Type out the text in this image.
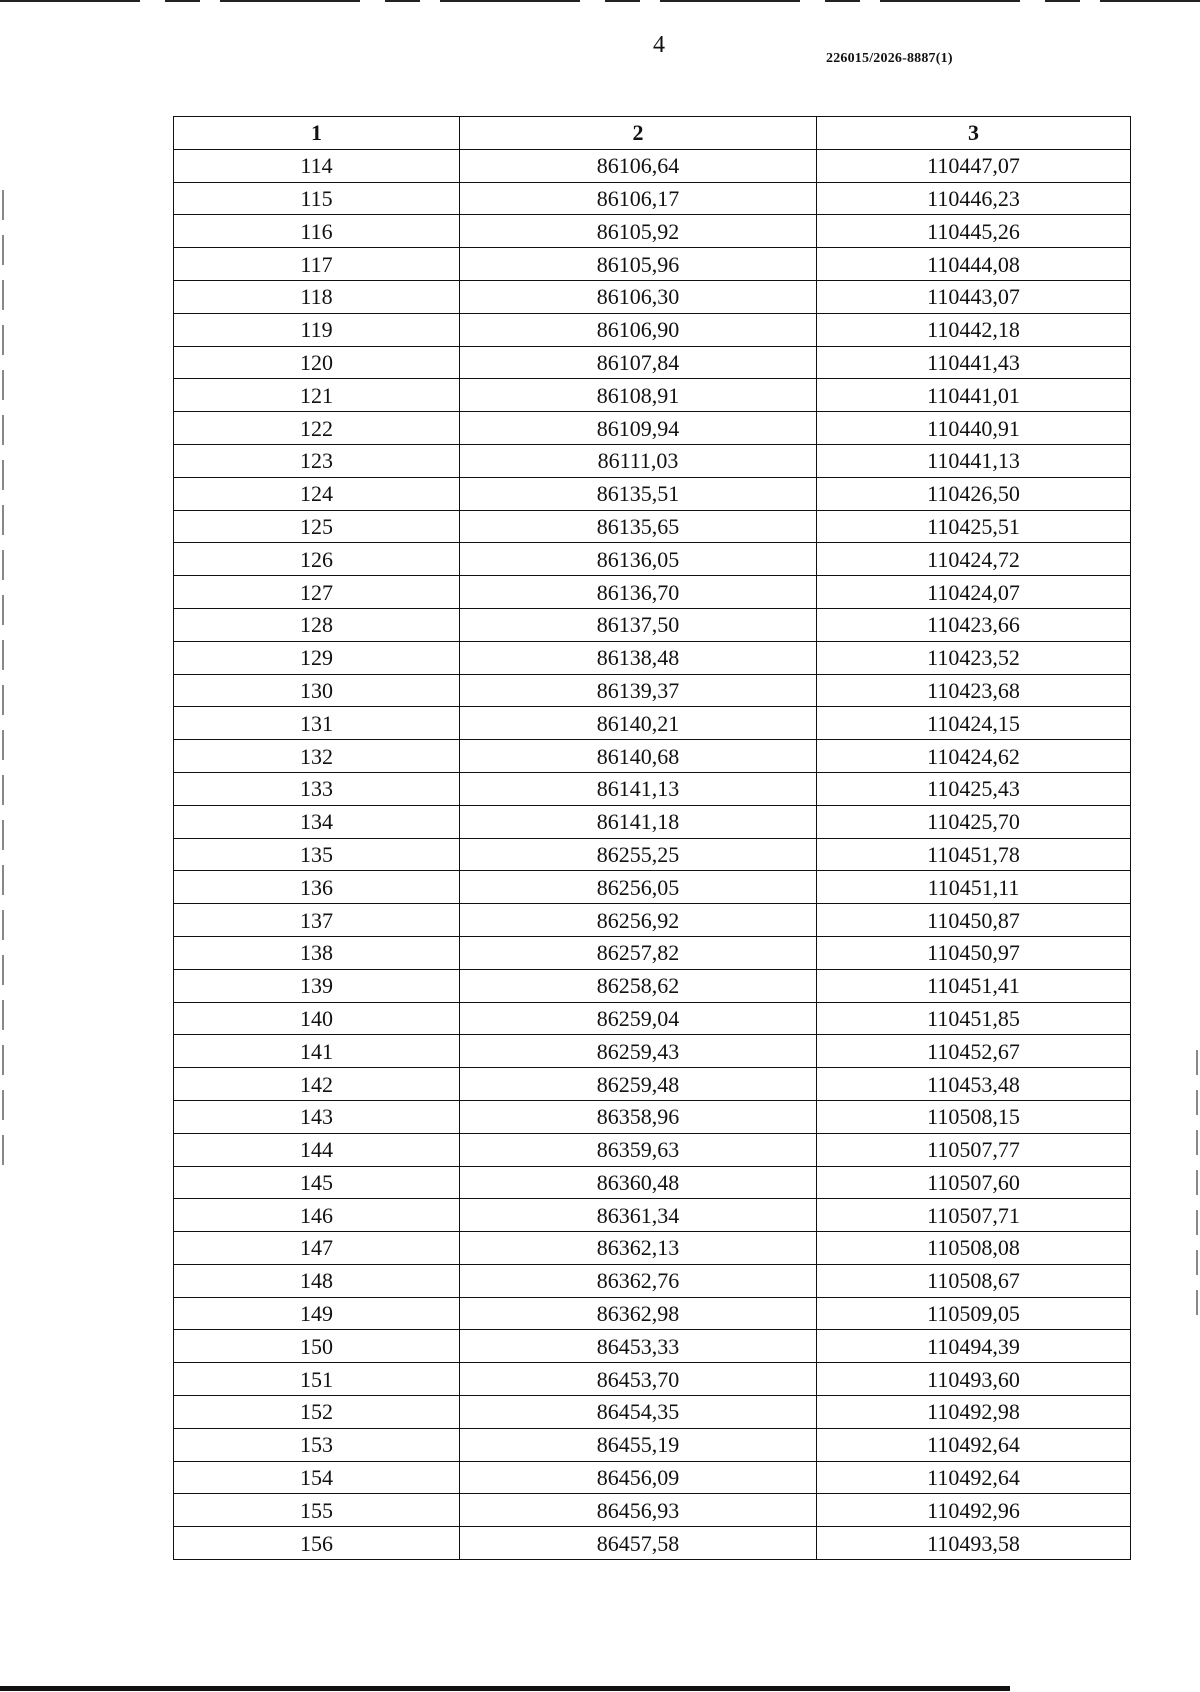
4
226015/2026-8887(1)
1	2	3
114	86106,64	110447,07
115	86106,17	110446,23
116	86105,92	110445,26
117	86105,96	110444,08
118	86106,30	110443,07
119	86106,90	110442,18
120	86107,84	110441,43
121	86108,91	110441,01
122	86109,94	110440,91
123	86111,03	110441,13
124	86135,51	110426,50
125	86135,65	110425,51
126	86136,05	110424,72
127	86136,70	110424,07
128	86137,50	110423,66
129	86138,48	110423,52
130	86139,37	110423,68
131	86140,21	110424,15
132	86140,68	110424,62
133	86141,13	110425,43
134	86141,18	110425,70
135	86255,25	110451,78
136	86256,05	110451,11
137	86256,92	110450,87
138	86257,82	110450,97
139	86258,62	110451,41
140	86259,04	110451,85
141	86259,43	110452,67
142	86259,48	110453,48
143	86358,96	110508,15
144	86359,63	110507,77
145	86360,48	110507,60
146	86361,34	110507,71
147	86362,13	110508,08
148	86362,76	110508,67
149	86362,98	110509,05
150	86453,33	110494,39
151	86453,70	110493,60
152	86454,35	110492,98
153	86455,19	110492,64
154	86456,09	110492,64
155	86456,93	110492,96
156	86457,58	110493,58
